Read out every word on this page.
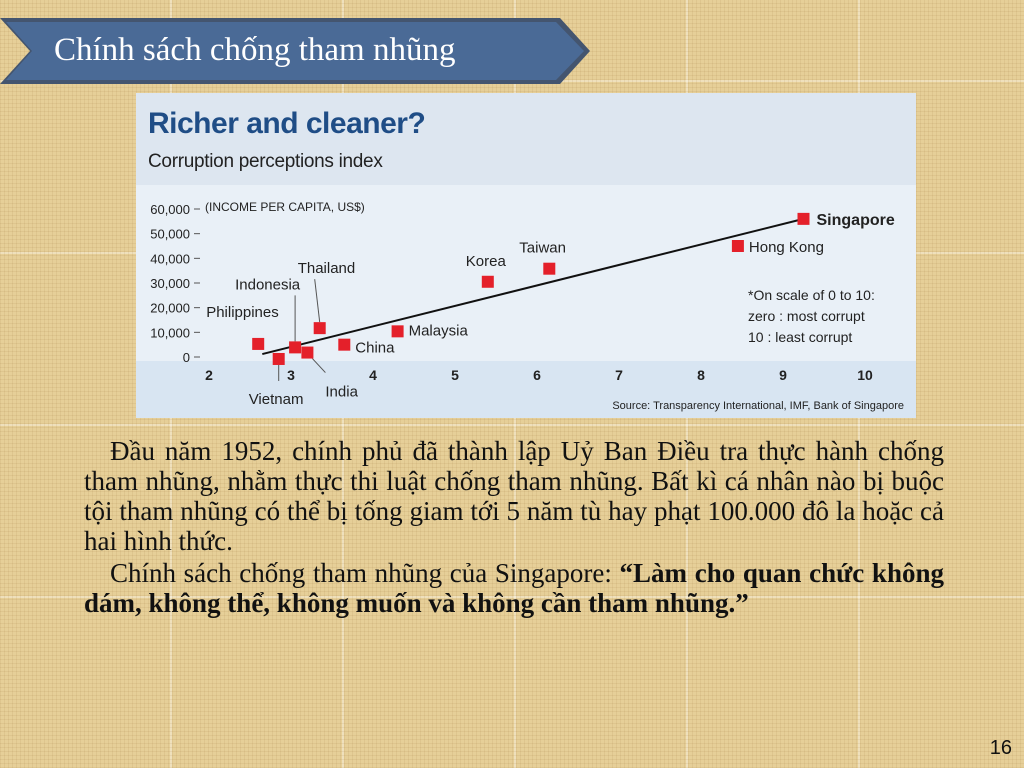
Chính sách chống tham nhũng
Richer and cleaner?
Corruption perceptions index
0
10,000
20,000
30,000
40,000
50,000
60,000 (INCOME PER CAPITA, US$)
2	3	4	5	6	7	8	9	10
Philippines
Vietnam
Indonesia
India
Thailand
China
Malaysia
Korea
Taiwan	Hong Kong
Singapore
*On scale of 0 to 10:
zero : most corrupt
10 : least corrupt
Source: Transparency International, IMF, Bank of Singapore

Đầu năm 1952, chính phủ đã thành lập Uỷ Ban Điều tra thực hành chống tham nhũng, nhằm thực thi luật chống tham nhũng. Bất kì cá nhân nào bị buộc tội tham nhũng có thể bị tống giam tới 5 năm tù hay phạt 100.000 đô la hoặc cả hai hình thức.

Chính sách chống tham nhũng của Singapore: “Làm cho quan chức không dám, không thể, không muốn và không cần tham nhũng.”

16
